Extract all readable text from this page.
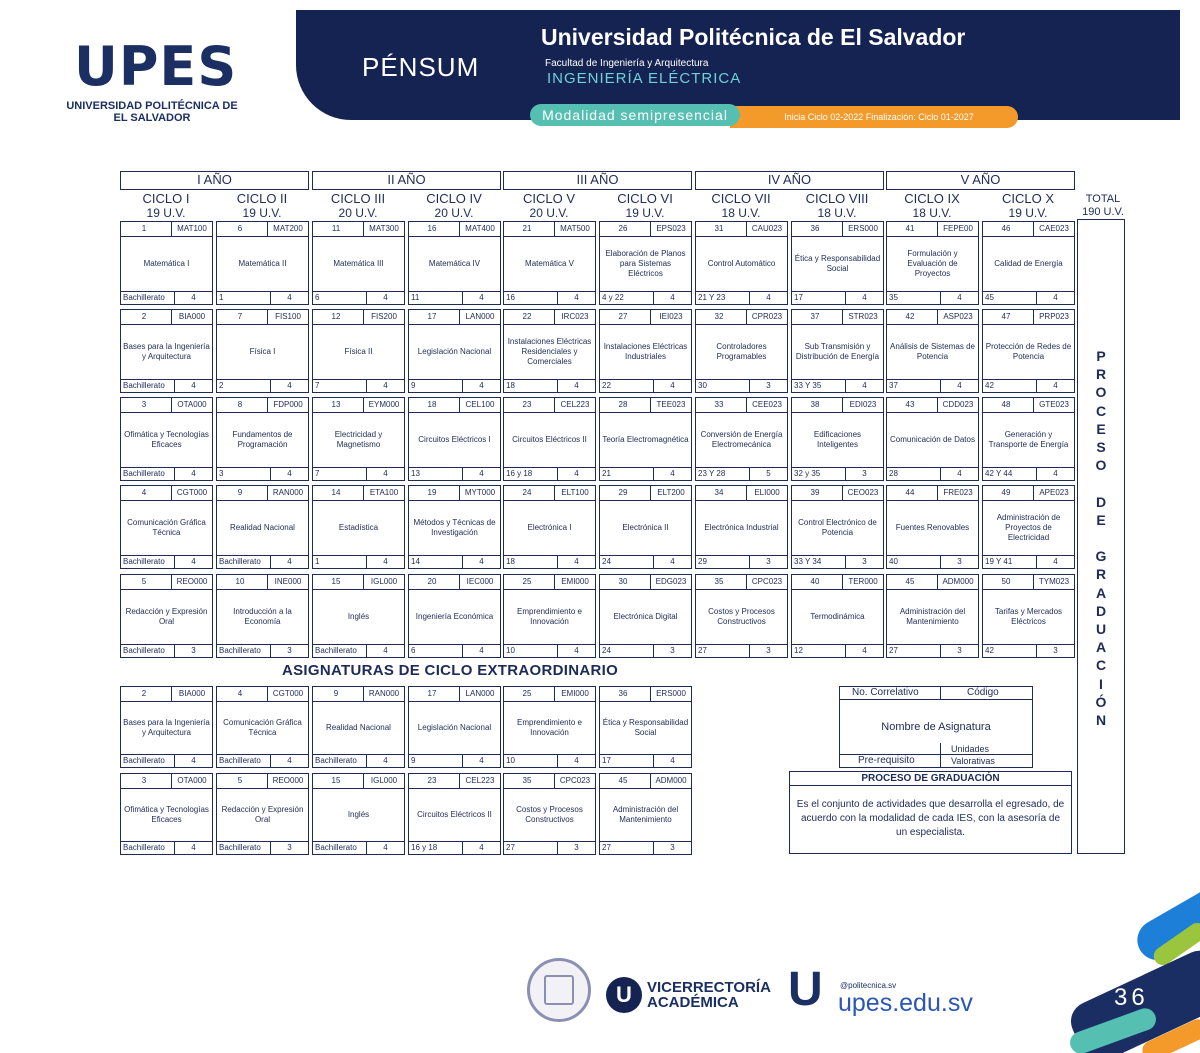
UPES
UNIVERSIDAD POLITÉCNICA DE EL SALVADOR
PÉNSUM
Universidad Politécnica de El Salvador
Facultad de Ingeniería y Arquitectura
INGENIERÍA ELÉCTRICA
Inicia Ciclo 02-2022 Finalización: Ciclo 01-2027
Modalidad semipresencial
I AÑO	II AÑO	III AÑO	IV AÑO	V AÑO
CICLO I
19 U.V.
CICLO II
19 U.V.
CICLO III
20 U.V.
CICLO IV
20 U.V.
CICLO V
20 U.V.
CICLO VI
19 U.V.
CICLO VII
18 U.V.
CICLO VIII
18 U.V.
CICLO IX
18 U.V.
CICLO X
19 U.V.
TOTAL
190 U.V.
P
R
O
C
E
S
O

D
E

G
R
A
D
U
A
C
I
Ó
N
1	MAT100
Matemática I
Bachillerato	4
2	BIA000
Bases para la Ingeniería y Arquitectura
Bachillerato	4
3	OTA000
Ofimática y Tecnologías Eficaces
Bachillerato	4
4	CGT000
Comunicación Gráfica Técnica
Bachillerato	4
5	REO000
Redacción y Expresión Oral
Bachillerato	3
6	MAT200
Matemática II
1	4
7	FIS100
Física I
2	4
8	FDP000
Fundamentos de Programación
3	4
9	RAN000
Realidad Nacional
Bachillerato	4
10	INE000
Introducción a la Economía
Bachillerato	3
11	MAT300
Matemática III
6	4
12	FIS200
Física II
7	4
13	EYM000
Electricidad y Magnetismo
7	4
14	ETA100
Estadística
1	4
15	IGL000
Inglés
Bachillerato	4
16	MAT400
Matemática IV
11	4
17	LAN000
Legislación Nacional
9	4
18	CEL100
Circuitos Eléctricos I
13	4
19	MYT000
Métodos y Técnicas de Investigación
14	4
20	IEC000
Ingeniería Económica
6	4
21	MAT500
Matemática V
16	4
22	IRC023
Instalaciones Eléctricas Residenciales y Comerciales
18	4
23	CEL223
Circuitos Eléctricos II
16 y 18	4
24	ELT100
Electrónica I
18	4
25	EMI000
Emprendimiento e Innovación
10	4
26	EPS023
Elaboración de Planos para Sistemas Eléctricos
4 y 22	4
27	IEI023
Instalaciones Eléctricas Industriales
22	4
28	TEE023
Teoría Electromagnética
21	4
29	ELT200
Electrónica II
24	4
30	EDG023
Electrónica Digital
24	3
31	CAU023
Control Automático
21 Y 23	4
32	CPR023
Controladores Programables
30	3
33	CEE023
Conversión de Energía Electromecánica
23 Y 28	5
34	ELI000
Electrónica Industrial
29	3
35	CPC023
Costos y Procesos Constructivos
27	3
36	ERS000
Ética y Responsabilidad Social
17	4
37	STR023
Sub Transmisión y Distribución de Energía
33 Y 35	4
38	EDI023
Edificaciones Inteligentes
32 y 35	3
39	CEO023
Control Electrónico de Potencia
33 Y 34	3
40	TER000
Termodinámica
12	4
41	FEPE00
Formulación y Evaluación de Proyectos
35	4
42	ASP023
Análisis de Sistemas de Potencia
37	4
43	CDD023
Comunicación de Datos
28	4
44	FRE023
Fuentes Renovables
40	3
45	ADM000
Administración del Mantenimiento
27	3
46	CAE023
Calidad de Energía
45	4
47	PRP023
Protección de Redes de Potencia
42	4
48	GTE023
Generación y Transporte de Energía
42 Y 44	4
49	APE023
Administración de Proyectos de Electricidad
19 Y 41	4
50	TYM023
Tarifas y Mercados Eléctricos
42	3
ASIGNATURAS DE CICLO EXTRAORDINARIO
2	BIA000
Bases para la Ingeniería y Arquitectura
Bachillerato	4
4	CGT000
Comunicación Gráfica Técnica
Bachillerato	4
9	RAN000
Realidad Nacional
Bachillerato	4
17	LAN000
Legislación Nacional
9	4
25	EMI000
Emprendimiento e Innovación
10	4
36	ERS000
Ética y Responsabilidad Social
17	4
3	OTA000
Ofimática y Tecnologías Eficaces
Bachillerato	4
5	REO000
Redacción y Expresión Oral
Bachillerato	3
15	IGL000
Inglés
Bachillerato	4
23	CEL223
Circuitos Eléctricos II
16 y 18	4
35	CPC023
Costos y Procesos Constructivos
27	3
45	ADM000
Administración del Mantenimiento
27	3
No. Correlativo	Código
Nombre de Asignatura
Pre-requisito
Unidades Valorativas
PROCESO DE GRADUACIÓN
Es el conjunto de actividades que desarrolla el egresado, de acuerdo con la modalidad de cada IES, con la asesoría de un especialista.
U	VICERRECTORÍA
ACADÉMICA	U @politecnica.sv
upes.edu.sv	36
